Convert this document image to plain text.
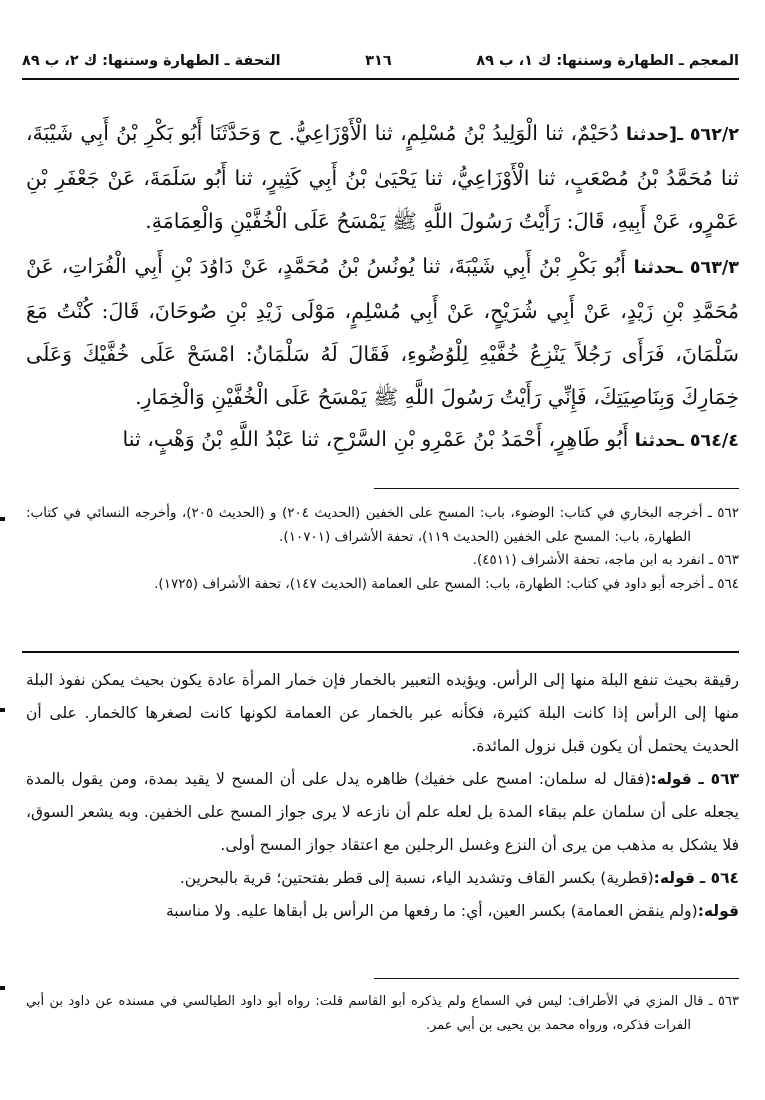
المعجم ـ الطهارة وسننها: ك ١، ب ٨٩
٣١٦
التحفة ـ الطهارة وسننها: ك ٢، ب ٨٩
٥٦٢/٢ ـ[حدثنا دُحَيْمٌ، ثنا الْوَلِيدُ بْنُ مُسْلِمٍ، ثنا الْأَوْزَاعِيُّ. ح وَحَدَّثَنَا أَبُو بَكْرِ بْنُ أَبِي شَيْبَةَ، ثنا مُحَمَّدُ بْنُ مُصْعَبٍ، ثنا الْأَوْزَاعِيُّ، ثنا يَحْيَىٰ بْنُ أَبِي كَثِيرٍ، ثنا أَبُو سَلَمَةَ، عَنْ جَعْفَرِ بْنِ عَمْرٍو، عَنْ أَبِيهِ، قَالَ: رَأَيْتُ رَسُولَ اللَّهِ ﷺ يَمْسَحُ عَلَى الْخُفَّيْنِ وَالْعِمَامَةِ.
٥٦٣/٣ ـحدثنا أَبُو بَكْرِ بْنُ أَبِي شَيْبَةَ، ثنا يُونُسُ بْنُ مُحَمَّدٍ، عَنْ دَاوُدَ بْنِ أَبِي الْفُرَاتِ، عَنْ مُحَمَّدِ بْنِ زَيْدٍ، عَنْ أَبِي شُرَيْحٍ، عَنْ أَبِي مُسْلِمٍ، مَوْلَى زَيْدِ بْنِ صُوحَانَ، قَالَ: كُنْتُ مَعَ سَلْمَانَ، فَرَأَى رَجُلاً يَنْزِعُ خُفَّيْهِ لِلْوُضُوءِ، فَقَالَ لَهُ سَلْمَانُ: امْسَحْ عَلَى خُفَّيْكَ وَعَلَى خِمَارِكَ وَبِنَاصِيَتِكَ، فَإِنِّي رَأَيْتُ رَسُولَ اللَّهِ ﷺ يَمْسَحُ عَلَى الْخُفَّيْنِ وَالْخِمَارِ.
٥٦٤/٤ ـحدثنا أَبُو طَاهِرٍ، أَحْمَدُ بْنُ عَمْرِو بْنِ السَّرْحِ، ثنا عَبْدُ اللَّهِ بْنُ وَهْبٍ، ثنا

٥٦٢ ـ أخرجه البخاري في كتاب: الوضوء، باب: المسح على الخفين (الحديث ٢٠٤) و (الحديث ٢٠٥)، وأخرجه النسائي في كتاب: الطهارة، باب: المسح على الخفين (الحديث ١١٩)، تحفة الأشراف (١٠٧٠١).

٥٦٣ ـ انفرد به ابن ماجه، تحفة الأشراف (٤٥١١).

٥٦٤ ـ أخرجه أبو داود في كتاب: الطهارة، باب: المسح على العمامة (الحديث ١٤٧)، تحفة الأشراف (١٧٢٥).

رقيقة بحيث تنفع البلة منها إلى الرأس. ويؤيده التعبير بالخمار فإن خمار المرأة عادة يكون بحيث يمكن نفوذ البلة منها إلى الرأس إذا كانت البلة كثيرة، فكأنه عبر بالخمار عن العمامة لكونها كانت لصغرها كالخمار. على أن الحديث يحتمل أن يكون قبل نزول المائدة.

٥٦٣ ـ قوله:(فقال له سلمان: امسح على خفيك) ظاهره يدل على أن المسح لا يقيد بمدة، ومن يقول بالمدة يجعله على أن سلمان علم ببقاء المدة بل لعله علم أن نازعه لا يرى جواز المسح على الخفين. وبه يشعر السوق، فلا يشكل به مذهب من يرى أن النزع وغسل الرجلين مع اعتقاد جواز المسح أولى.

٥٦٤ ـ قوله:(قطرية) بكسر القاف وتشديد الياء، نسبة إلى قطر بفتحتين؛ قرية بالبحرين.

قوله:(ولم ينقض العمامة) بكسر العين، أي: ما رفعها من الرأس بل أبقاها عليه. ولا مناسبة

٥٦٣ ـ قال المزي في الأطراف: ليس في السماع ولم يذكره أبو القاسم قلت: رواه أبو داود الطيالسي في مسنده عن داود بن أبي الفرات فذكره، ورواه محمد بن يحيى بن أبي عمر.
